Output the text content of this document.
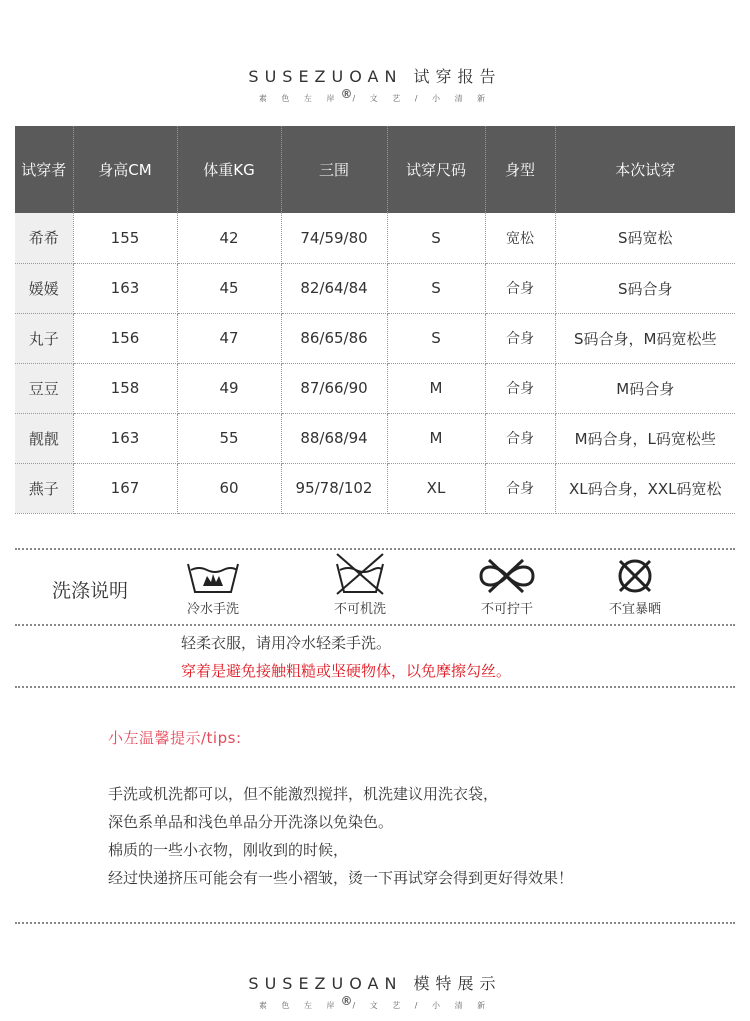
SUSEZUOAN 试穿报告
素 色 左 岸 ® / 文 艺 / 小 清 新
试穿者	身高CM	体重KG	三围	试穿尺码	身型	本次试穿
希希	155	42	74/59/80	S	宽松	S码宽松
媛媛	163	45	82/64/84	S	合身	S码合身
丸子	156	47	86/65/86	S	合身	S码合身，M码宽松些
豆豆	158	49	87/66/90	M	合身	M码合身
靓靓	163	55	88/68/94	M	合身	M码合身，L码宽松些
燕子	167	60	95/78/102	XL	合身	XL码合身，XXL码宽松
洗涤说明
冷水手洗	不可机洗	不可拧干	不宜暴晒
轻柔衣服，请用冷水轻柔手洗。
穿着是避免接触粗糙或坚硬物体，以免摩擦勾丝。
小左温馨提示/tips:
手洗或机洗都可以，但不能激烈搅拌，机洗建议用洗衣袋，
深色系单品和浅色单品分开洗涤以免染色。
棉质的一些小衣物，刚收到的时候，
经过快递挤压可能会有一些小褶皱，烫一下再试穿会得到更好得效果！
SUSEZUOAN 模特展示
素 色 左 岸 ® / 文 艺 / 小 清 新
